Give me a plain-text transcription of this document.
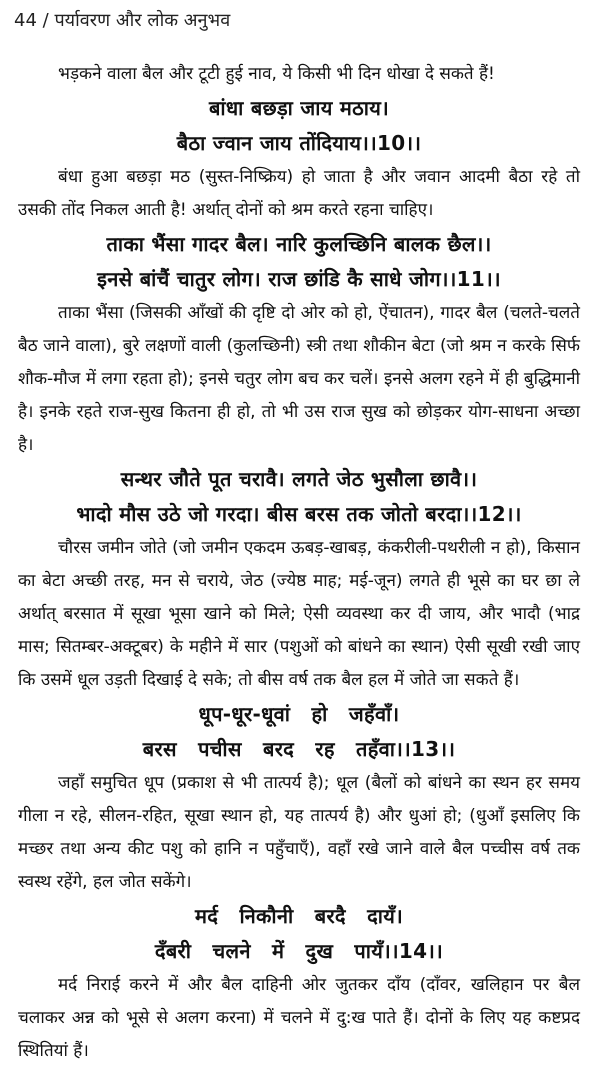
44 / पर्यावरण और लोक अनुभव

भड़कने वाला बैल और टूटी हुई नाव, ये किसी भी दिन धोखा दे सकते हैं!

बांधा बछड़ा जाय मठाय।

बैठा ज्वान जाय तोंदियाय।।10।।

बंधा हुआ बछड़ा मठ (सुस्त-निष्क्रिय) हो जाता है और जवान आदमी बैठा रहे तो उसकी तोंद निकल आती है! अर्थात् दोनों को श्रम करते रहना चाहिए।

ताका भैंसा गादर बैल। नारि कुलच्छिनि बालक छैल।।

इनसे बांचैं चातुर लोग। राज छांडि कै साधे जोग।।11।।

ताका भैंसा (जिसकी आँखों की दृष्टि दो ओर को हो, ऐंचातन), गादर बैल (चलते-चलते बैठ जाने वाला), बुरे लक्षणों वाली (कुलच्छिनी) स्त्री तथा शौकीन बेटा (जो श्रम न करके सिर्फ शौक-मौज में लगा रहता हो); इनसे चतुर लोग बच कर चलें। इनसे अलग रहने में ही बुद्धिमानी है। इनके रहते राज-सुख कितना ही हो, तो भी उस राज सुख को छोड़कर योग-साधना अच्छा है।

सन्थर जौते पूत चरावै। लगते जेठ भुसौला छावै।।

भादो मौस उठे जो गरदा। बीस बरस तक जोतो बरदा।।12।।

चौरस जमीन जोते (जो जमीन एकदम ऊबड़-खाबड़, कंकरीली-पथरीली न हो), किसान का बेटा अच्छी तरह, मन से चराये, जेठ (ज्येष्ठ माह; मई-जून) लगते ही भूसे का घर छा ले अर्थात् बरसात में सूखा भूसा खाने को मिले; ऐसी व्यवस्था कर दी जाय, और भादौ (भाद्र मास; सितम्बर-अक्टूबर) के महीने में सार (पशुओं को बांधने का स्थान) ऐसी सूखी रखी जाए कि उसमें धूल उड़ती दिखाई दे सके; तो बीस वर्ष तक बैल हल में जोते जा सकते हैं।

धूप-धूर-धूवां हो जहँवाँ।

बरस पचीस बरद रह तहँवा।।13।।

जहाँ समुचित धूप (प्रकाश से भी तात्पर्य है); धूल (बैलों को बांधने का स्थन हर समय गीला न रहे, सीलन-रहित, सूखा स्थान हो, यह तात्पर्य है) और धुआं हो; (धुआँ इसलिए कि मच्छर तथा अन्य कीट पशु को हानि न पहुँचाएँ), वहाँ रखे जाने वाले बैल पच्चीस वर्ष तक स्वस्थ रहेंगे, हल जोत सकेंगे।

मर्द निकौनी बरदै दायँ।

दँबरी चलने में दुख पायँ।।14।।

मर्द निराई करने में और बैल दाहिनी ओर जुतकर दाँय (दाँवर, खलिहान पर बैल चलाकर अन्न को भूसे से अलग करना) में चलने में दु:ख पाते हैं। दोनों के लिए यह कष्टप्रद स्थितियां हैं।
